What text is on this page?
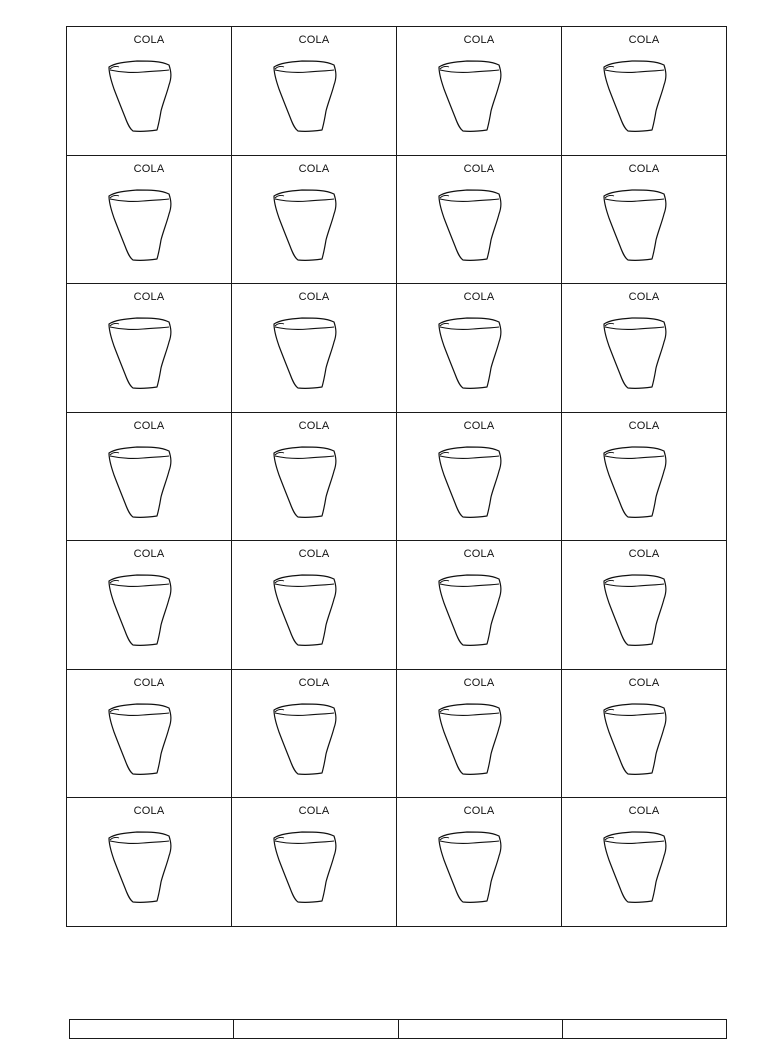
COLA	COLA	COLA	COLA
COLA	COLA	COLA	COLA
COLA	COLA	COLA	COLA
COLA	COLA	COLA	COLA
COLA	COLA	COLA	COLA
COLA	COLA	COLA	COLA
COLA	COLA	COLA	COLA
